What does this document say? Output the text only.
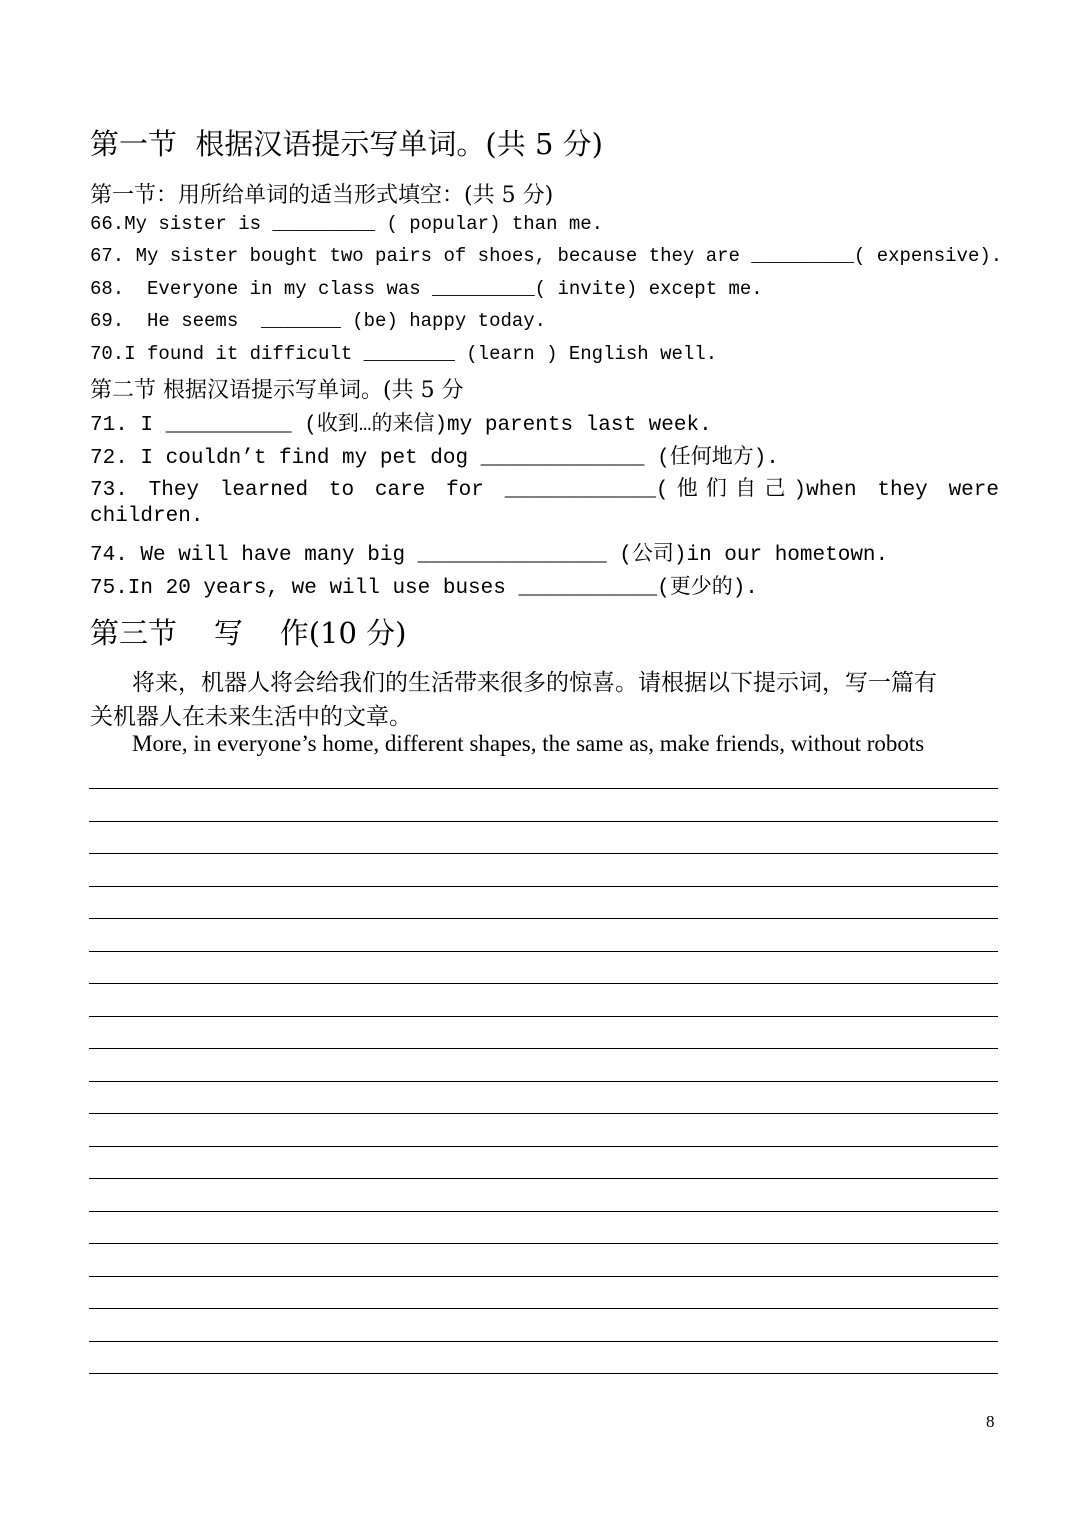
第一节  根据汉语提示写单词。(共 5 分)
第一节：用所给单词的适当形式填空：(共 5 分)
66.My sister is _________ ( popular) than me.
67. My sister bought two pairs of shoes, because they are _________( expensive).
68.  Everyone in my class was _________( invite) except me.
69.  He seems  _______ (be) happy today.
70.I found it difficult ________ (learn ) English well.
第二节 根据汉语提示写单词。(共 5 分
71. I __________ (收到…的来信)my parents last week.
72. I couldn’t find my pet dog _____________ (任何地方).
73. They learned to care for ____________(他们自己)when they were
children.
74. We will have many big _______________ (公司)in our hometown.
75.In 20 years, we will use buses ___________(更少的).
第三节    写    作(10 分)
将来，机器人将会给我们的生活带来很多的惊喜。请根据以下提示词，写一篇有
关机器人在未来生活中的文章。
More, in everyone’s home, different shapes, the same as, make friends, without robots
8
